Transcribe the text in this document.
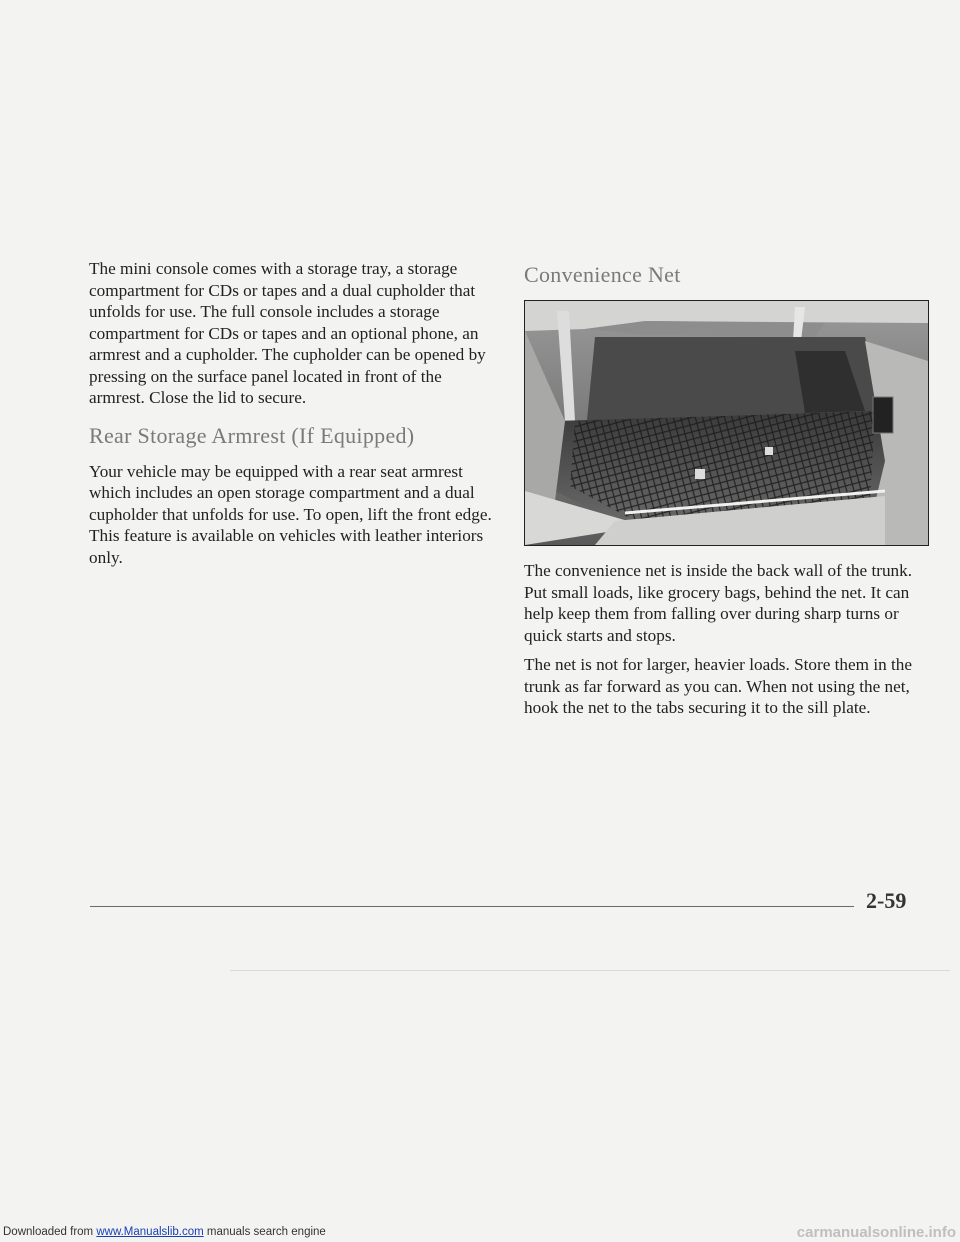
The mini console comes with a storage tray, a storage compartment for CDs or tapes and a dual cupholder that unfolds for use. The full console includes a storage compartment for CDs or tapes and an optional phone, an armrest and a cupholder. The cupholder can be opened by pressing on the surface panel located in front of the armrest. Close the lid to secure.

Rear Storage Armrest (If Equipped)

Your vehicle may be equipped with a rear seat armrest which includes an open storage compartment and a dual cupholder that unfolds for use. To open, lift the front edge. This feature is available on vehicles with leather interiors only.

Convenience Net

The convenience net is inside the back wall of the trunk. Put small loads, like grocery bags, behind the net. It can help keep them from falling over during sharp turns or quick starts and stops.

The net is not for larger, heavier loads. Store them in the trunk as far forward as you can. When not using the net, hook the net to the tabs securing it to the sill plate.

2-59
Downloaded from www.Manualslib.com manuals search engine	carmanualsonline.info
